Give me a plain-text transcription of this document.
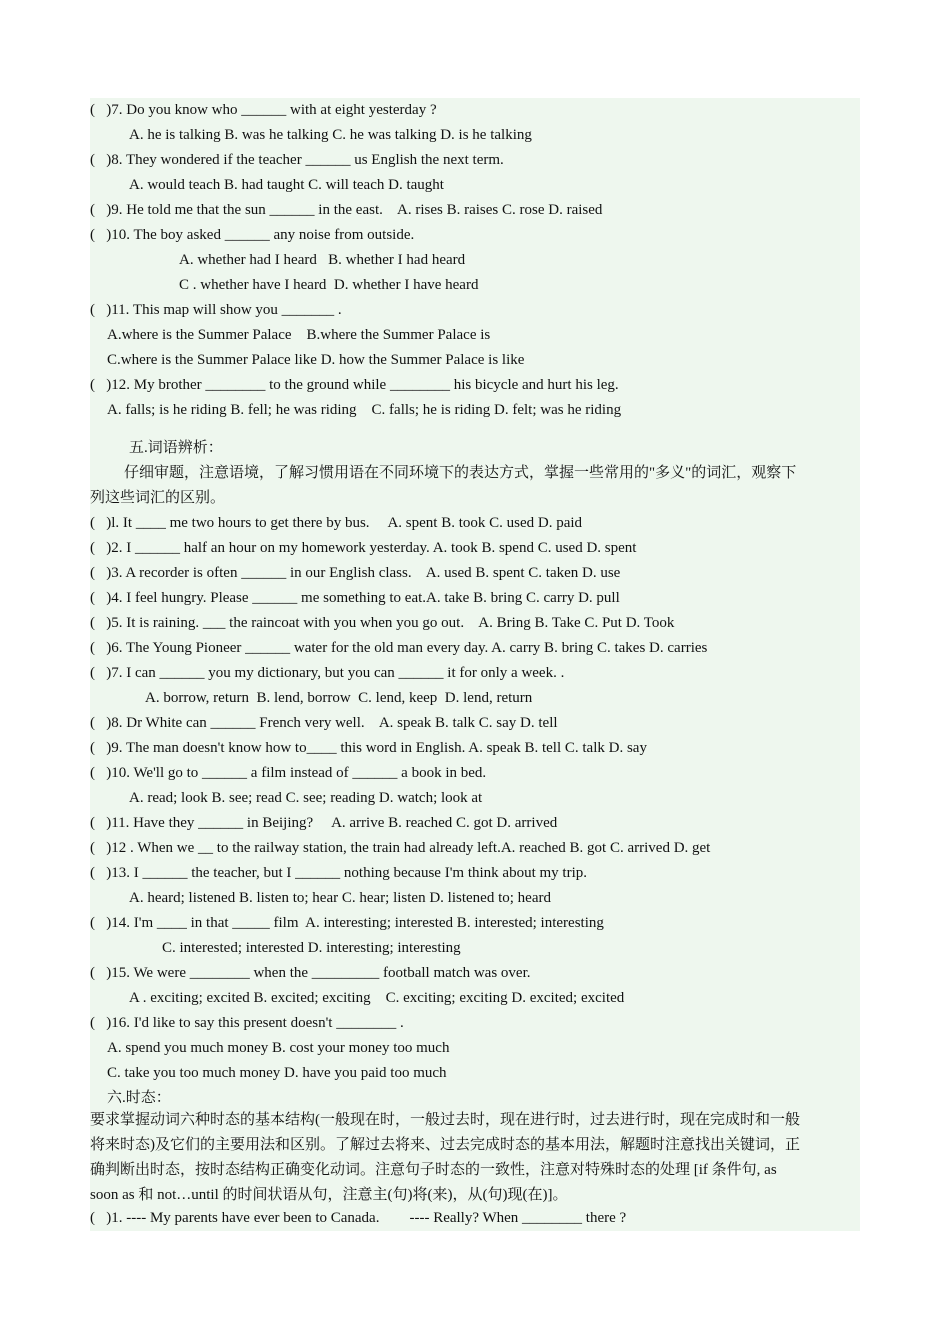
(   )7. Do you know who ______ with at eight yesterday ?
A. he is talking B. was he talking C. he was talking D. is he talking
(   )8. They wondered if the teacher ______ us English the next term.
A. would teach B. had taught C. will teach D. taught
(   )9. He told me that the sun ______ in the east.    A. rises B. raises C. rose D. raised
(   )10. The boy asked ______ any noise from outside.
A. whether had I heard   B. whether I had heard
C . whether have I heard  D. whether I have heard
(   )11. This map will show you _______ .
A.where is the Summer Palace    B.where the Summer Palace is
C.where is the Summer Palace like D. how the Summer Palace is like
(   )12. My brother ________ to the ground while ________ his bicycle and hurt his leg.
A. falls; is he riding B. fell; he was riding    C. falls; he is riding D. felt; was he riding
五.词语辨析：
仔细审题，注意语境，了解习惯用语在不同环境下的表达方式，掌握一些常用的"多义"的词汇，观察下
列这些词汇的区别。
(   )l. It ____ me two hours to get there by bus.     A. spent B. took C. used D. paid
(   )2. I ______ half an hour on my homework yesterday. A. took B. spend C. used D. spent
(   )3. A recorder is often ______ in our English class.    A. used B. spent C. taken D. use
(   )4. I feel hungry. Please ______ me something to eat.A. take B. bring C. carry D. pull
(   )5. It is raining. ___ the raincoat with you when you go out.    A. Bring B. Take C. Put D. Took
(   )6. The Young Pioneer ______ water for the old man every day. A. carry B. bring C. takes D. carries
(   )7. I can ______ you my dictionary, but you can ______ it for only a week. .
A. borrow, return  B. lend, borrow  C. lend, keep  D. lend, return
(   )8. Dr White can ______ French very well.    A. speak B. talk C. say D. tell
(   )9. The man doesn't know how to____ this word in English. A. speak B. tell C. talk D. say
(   )10. We'll go to ______ a film instead of ______ a book in bed.
A. read; look B. see; read C. see; reading D. watch; look at
(   )11. Have they ______ in Beijing?     A. arrive B. reached C. got D. arrived
(   )12 . When we __ to the railway station, the train had already left.A. reached B. got C. arrived D. get
(   )13. I ______ the teacher, but I ______ nothing because I'm think about my trip.
A. heard; listened B. listen to; hear C. hear; listen D. listened to; heard
(   )14. I'm ____ in that _____ film  A. interesting; interested B. interested; interesting
C. interested; interested D. interesting; interesting
(   )15. We were ________ when the _________ football match was over.
A . exciting; excited B. excited; exciting    C. exciting; exciting D. excited; excited
(   )16. I'd like to say this present doesn't ________ .
A. spend you much money B. cost your money too much
C. take you too much money D. have you paid too much
六.时态：
要求掌握动词六种时态的基本结构(一般现在时，一般过去时，现在进行时，过去进行时，现在完成时和一般
将来时态)及它们的主要用法和区别。了解过去将来、过去完成时态的基本用法，解题时注意找出关键词，正
确判断出时态，按时态结构正确变化动词。注意句子时态的一致性，注意对特殊时态的处理 [if 条件句, as
soon as 和 not…until 的时间状语从句，注意主(句)将(来)，从(句)现(在)]。
(   )1. ---- My parents have ever been to Canada.        ---- Really? When ________ there ?
